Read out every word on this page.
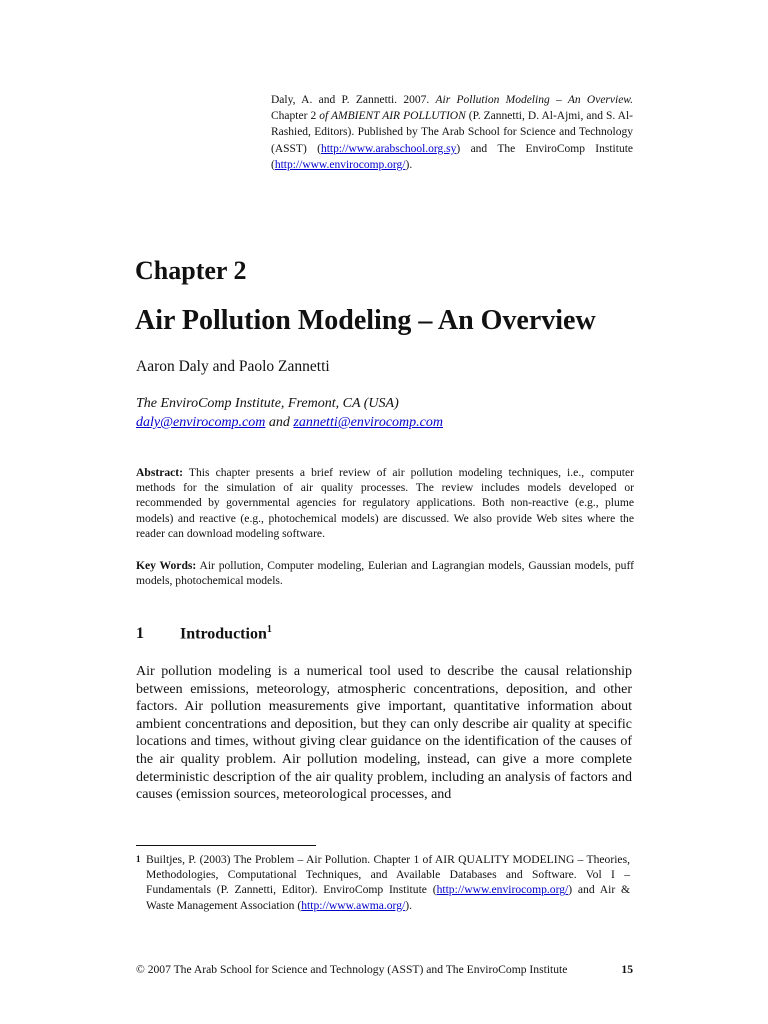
Daly, A. and P. Zannetti. 2007. Air Pollution Modeling – An Overview. Chapter 2 of AMBIENT AIR POLLUTION (P. Zannetti, D. Al-Ajmi, and S. Al-Rashied, Editors). Published by The Arab School for Science and Technology (ASST) (http://www.arabschool.org.sy) and The EnviroComp Institute (http://www.envirocomp.org/).
Chapter 2
Air Pollution Modeling – An Overview
Aaron Daly and Paolo Zannetti
The EnviroComp Institute, Fremont, CA (USA)
daly@envirocomp.com and zannetti@envirocomp.com

Abstract: This chapter presents a brief review of air pollution modeling techniques, i.e., computer methods for the simulation of air quality processes. The review includes models developed or recommended by governmental agencies for regulatory applications. Both non-reactive (e.g., plume models) and reactive (e.g., photochemical models) are discussed. We also provide Web sites where the reader can download modeling software.

Key Words: Air pollution, Computer modeling, Eulerian and Lagrangian models, Gaussian models, puff models, photochemical models.

1 Introduction$^1$

Air pollution modeling is a numerical tool used to describe the causal relationship between emissions, meteorology, atmospheric concentrations, deposition, and other factors. Air pollution measurements give important, quantitative information about ambient concentrations and deposition, but they can only describe air quality at specific locations and times, without giving clear guidance on the identification of the causes of the air quality problem. Air pollution modeling, instead, can give a more complete deterministic description of the air quality problem, including an analysis of factors and causes (emission sources, meteorological processes, and

1 Builtjes, P. (2003) The Problem – Air Pollution. Chapter 1 of AIR QUALITY MODELING – Theories, Methodologies, Computational Techniques, and Available Databases and Software. Vol I – Fundamentals (P. Zannetti, Editor). EnviroComp Institute (http://www.envirocomp.org/) and Air & Waste Management Association (http://www.awma.org/).
© 2007 The Arab School for Science and Technology (ASST) and The EnviroComp Institute	15
